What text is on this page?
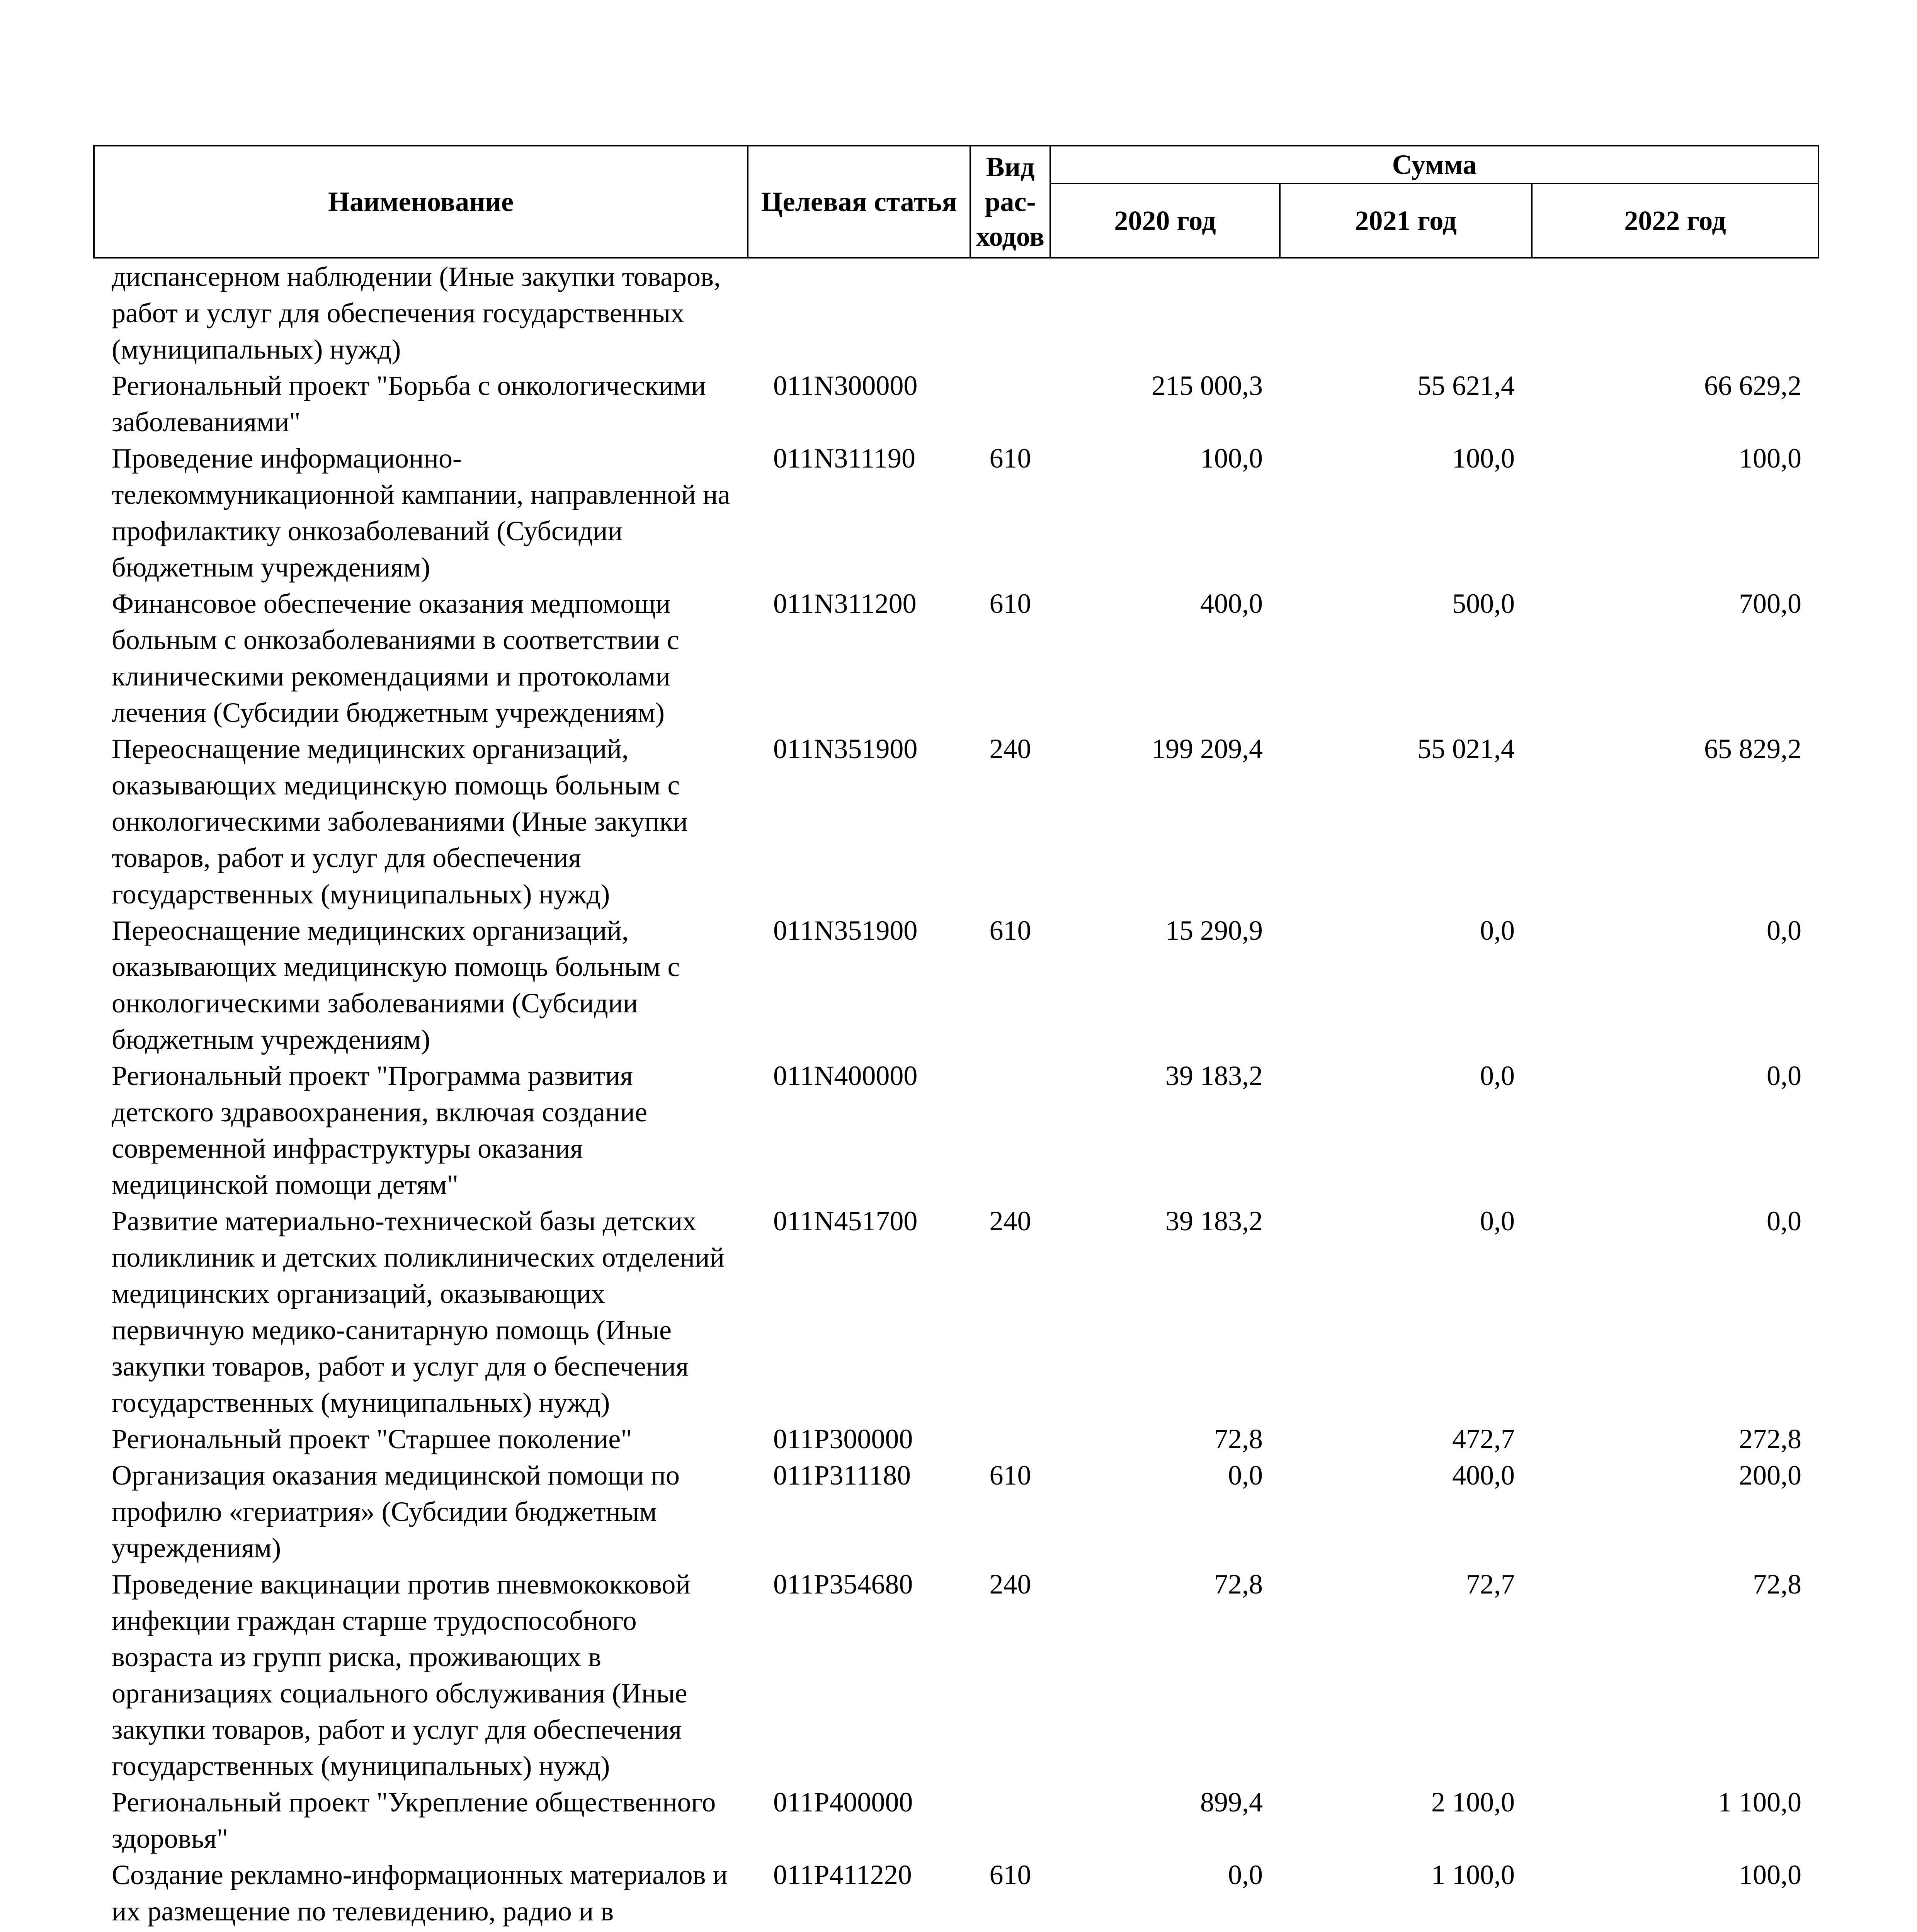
Наименование	Целевая статья	Вид рас-ходов	Сумма		
			2020 год	2021 год	2022 год
диспансерном наблюдении (Иные закупки товаров, работ и услуг для обеспечения государственных (муниципальных) нужд)					
Региональный проект "Борьба с онкологическими заболеваниями"	011N300000		215 000,3	55 621,4	66 629,2
Проведение информационно-телекоммуникационной кампании, направленной на профилактику онкозаболеваний (Субсидии бюджетным учреждениям)	011N311190	610	100,0	100,0	100,0
Финансовое обеспечение оказания медпомощи больным с онкозаболеваниями в соответствии с клиническими рекомендациями и протоколами лечения (Субсидии бюджетным учреждениям)	011N311200	610	400,0	500,0	700,0
Переоснащение медицинских организаций, оказывающих медицинскую помощь больным с онкологическими заболеваниями (Иные закупки товаров, работ и услуг для обеспечения государственных (муниципальных) нужд)	011N351900	240	199 209,4	55 021,4	65 829,2
Переоснащение медицинских организаций, оказывающих медицинскую помощь больным с онкологическими заболеваниями (Субсидии бюджетным учреждениям)	011N351900	610	15 290,9	0,0	0,0
Региональный проект "Программа развития детского здравоохранения, включая создание современной инфраструктуры оказания медицинской помощи детям"	011N400000		39 183,2	0,0	0,0
Развитие материально-технической базы детских поликлиник и детских поликлинических отделений медицинских организаций, оказывающих первичную медико-санитарную помощь (Иные закупки товаров, работ и услуг для о беспечения государственных (муниципальных) нужд)	011N451700	240	39 183,2	0,0	0,0
Региональный проект "Старшее поколение"	011P300000		72,8	472,7	272,8
Организация оказания медицинской помощи по профилю «гериатрия» (Субсидии бюджетным учреждениям)	011P311180	610	0,0	400,0	200,0
Проведение вакцинации против пневмококковой инфекции граждан старше трудоспособного возраста из групп риска, проживающих в организациях социального обслуживания (Иные закупки товаров, работ и услуг для обеспечения государственных (муниципальных) нужд)	011P354680	240	72,8	72,7	72,8
Региональный проект "Укрепление общественного здоровья"	011P400000		899,4	2 100,0	1 100,0
Создание рекламно-информационных материалов и их размещение по телевидению, радио и в	011P411220	610	0,0	1 100,0	100,0
